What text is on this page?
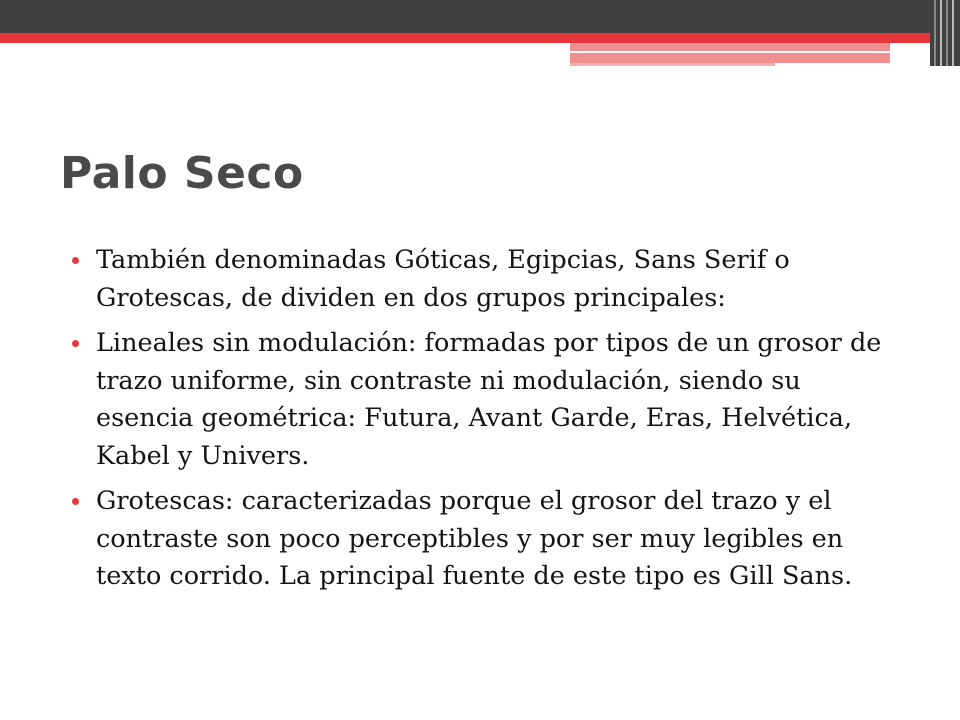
Palo Seco
También denominadas Góticas, Egipcias, Sans Serif o Grotescas, de dividen en dos grupos principales:
Lineales sin modulación: formadas por tipos de un grosor de trazo uniforme, sin contraste ni modulación, siendo su esencia geométrica: Futura, Avant Garde, Eras, Helvética, Kabel y Univers.
Grotescas: caracterizadas porque el grosor del trazo y el contraste son poco perceptibles y por ser muy legibles en texto corrido. La principal fuente de este tipo es Gill Sans.
